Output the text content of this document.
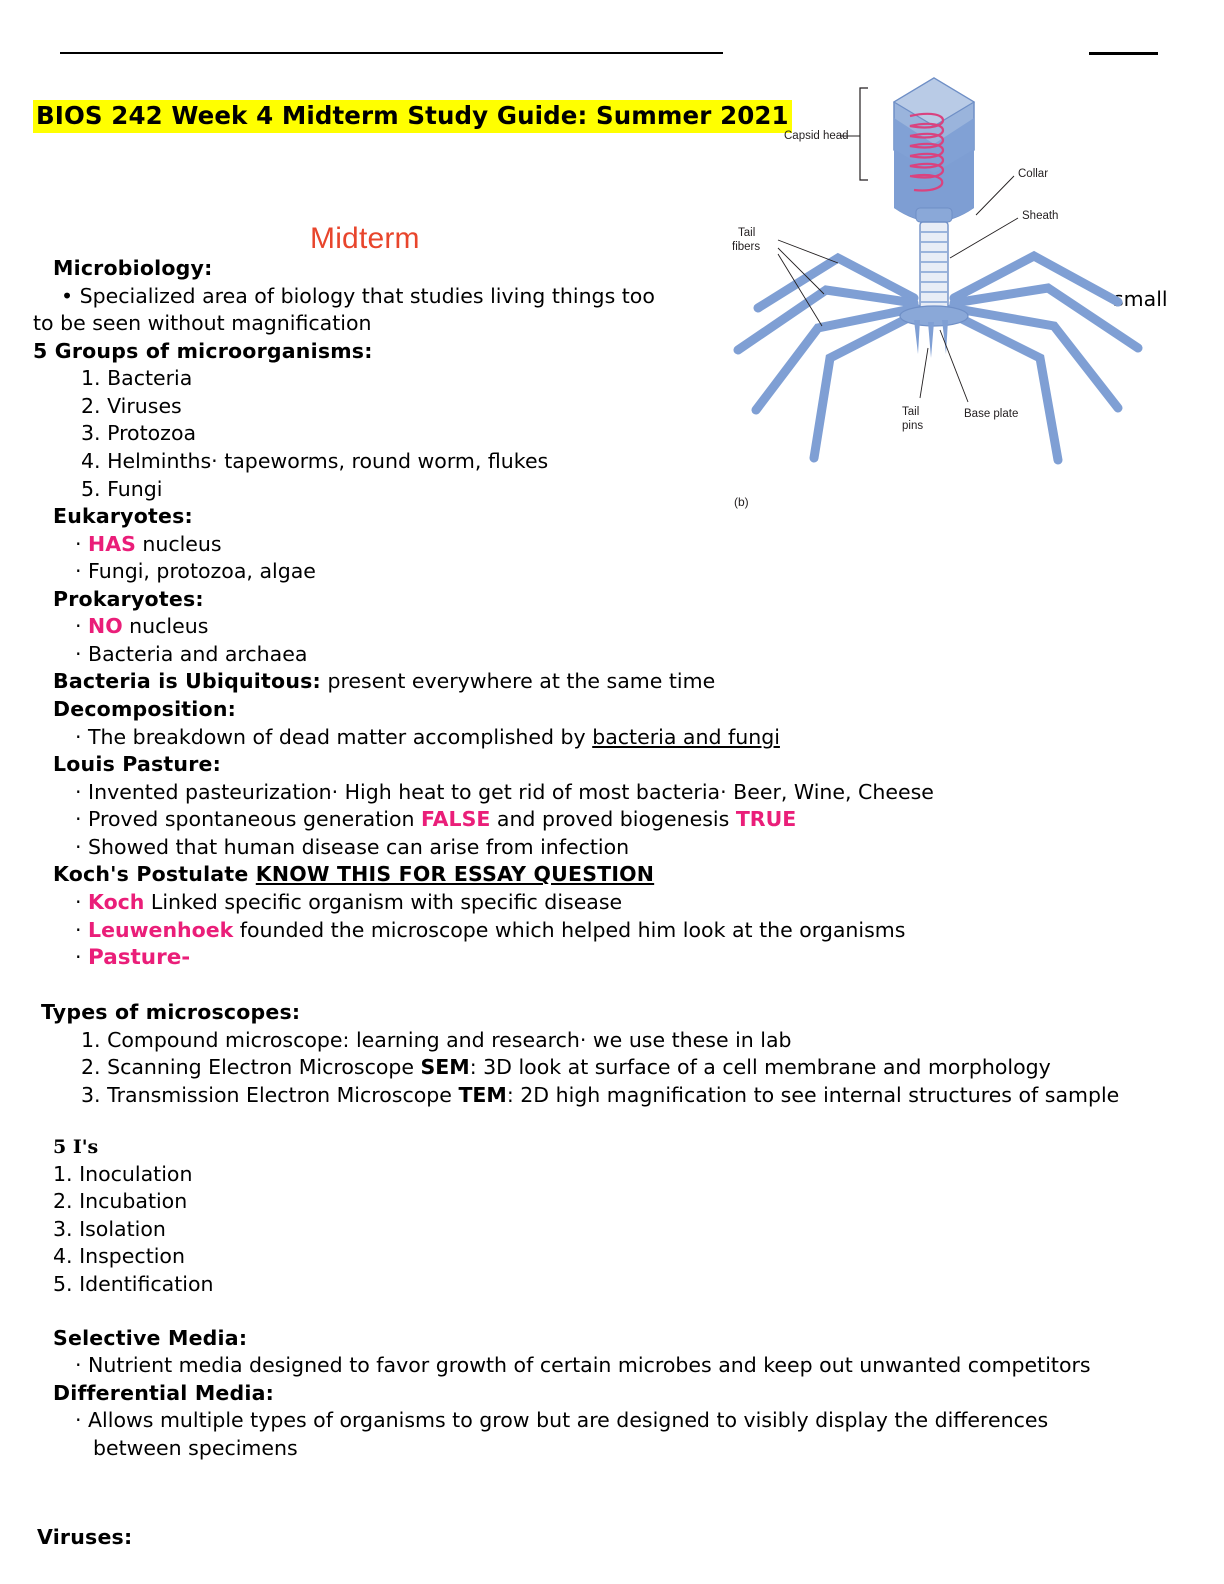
BIOS 242 Week 4 Midterm Study Guide: Summer 2021
Midterm
small
Capsid head
Collar
Sheath
Tail
fibers
Tail
pins
Base plate
(b)
Microbiology:
• Specialized area of biology that studies living things too
to be seen without magnification
5 Groups of microorganisms:
1. Bacteria
2. Viruses
3. Protozoa
4. Helminths· tapeworms, round worm, flukes
5. Fungi
Eukaryotes:
· HAS nucleus
· Fungi, protozoa, algae
Prokaryotes:
· NO nucleus
· Bacteria and archaea
Bacteria is Ubiquitous: present everywhere at the same time
Decomposition:
· The breakdown of dead matter accomplished by bacteria and fungi
Louis Pasture:
· Invented pasteurization· High heat to get rid of most bacteria· Beer, Wine, Cheese
· Proved spontaneous generation FALSE and proved biogenesis TRUE
· Showed that human disease can arise from infection
Koch's Postulate KNOW THIS FOR ESSAY QUESTION
· Koch Linked specific organism with specific disease
· Leuwenhoek founded the microscope which helped him look at the organisms
· Pasture-
Types of microscopes:
1. Compound microscope: learning and research· we use these in lab
2. Scanning Electron Microscope SEM: 3D look at surface of a cell membrane and morphology
3. Transmission Electron Microscope TEM: 2D high magnification to see internal structures of sample
5 I's
1. Inoculation
2. Incubation
3. Isolation
4. Inspection
5. Identification
Selective Media:
· Nutrient media designed to favor growth of certain microbes and keep out unwanted competitors
Differential Media:
· Allows multiple types of organisms to grow but are designed to visibly display the differences
between specimens
Viruses:
